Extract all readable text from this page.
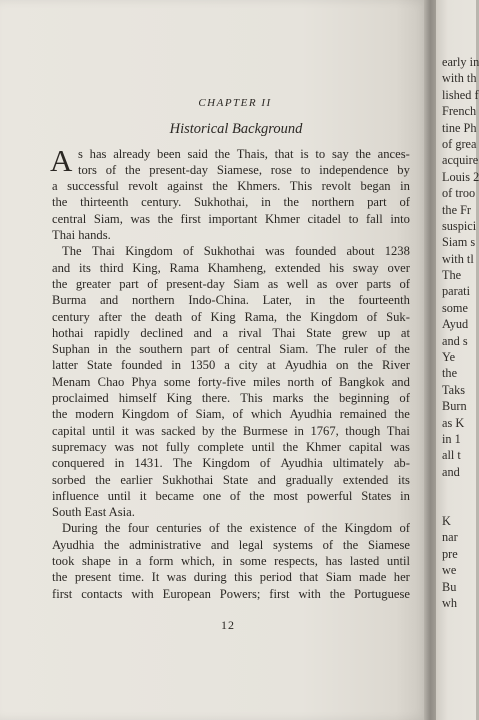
CHAPTER II
Historical Background
A s has already been said the Thais, that is to say the ances-
tors of the present-day Siamese, rose to independence by
a successful revolt against the Khmers. This revolt began in
the thirteenth century. Sukhothai, in the northern part of
central Siam, was the first important Khmer citadel to fall into
Thai hands.
The Thai Kingdom of Sukhothai was founded about 1238
and its third King, Rama Khamheng, extended his sway over
the greater part of present-day Siam as well as over parts of
Burma and northern Indo-China. Later, in the fourteenth
century after the death of King Rama, the Kingdom of Suk-
hothai rapidly declined and a rival Thai State grew up at
Suphan in the southern part of central Siam. The ruler of the
latter State founded in 1350 a city at Ayudhia on the River
Menam Chao Phya some forty-five miles north of Bangkok and
proclaimed himself King there. This marks the beginning of
the modern Kingdom of Siam, of which Ayudhia remained the
capital until it was sacked by the Burmese in 1767, though Thai
supremacy was not fully complete until the Khmer capital was
conquered in 1431. The Kingdom of Ayudhia ultimately ab-
sorbed the earlier Sukhothai State and gradually extended its
influence until it became one of the most powerful States in
South East Asia.
During the four centuries of the existence of the Kingdom of
Ayudhia the administrative and legal systems of the Siamese
took shape in a form which, in some respects, has lasted until
the present time. It was during this period that Siam made her
first contacts with European Powers; first with the Portuguese
12
early in
with th
lished f
French
tine Ph
of grea
acquire
Louis 2
of troo
the Fr
suspici
Siam s
with tl
The
parati
some
Ayud
and s
Ye
the
Taks
Burn
as K
in 1
all t
and
K
nar
pre
we
Bu
wh
